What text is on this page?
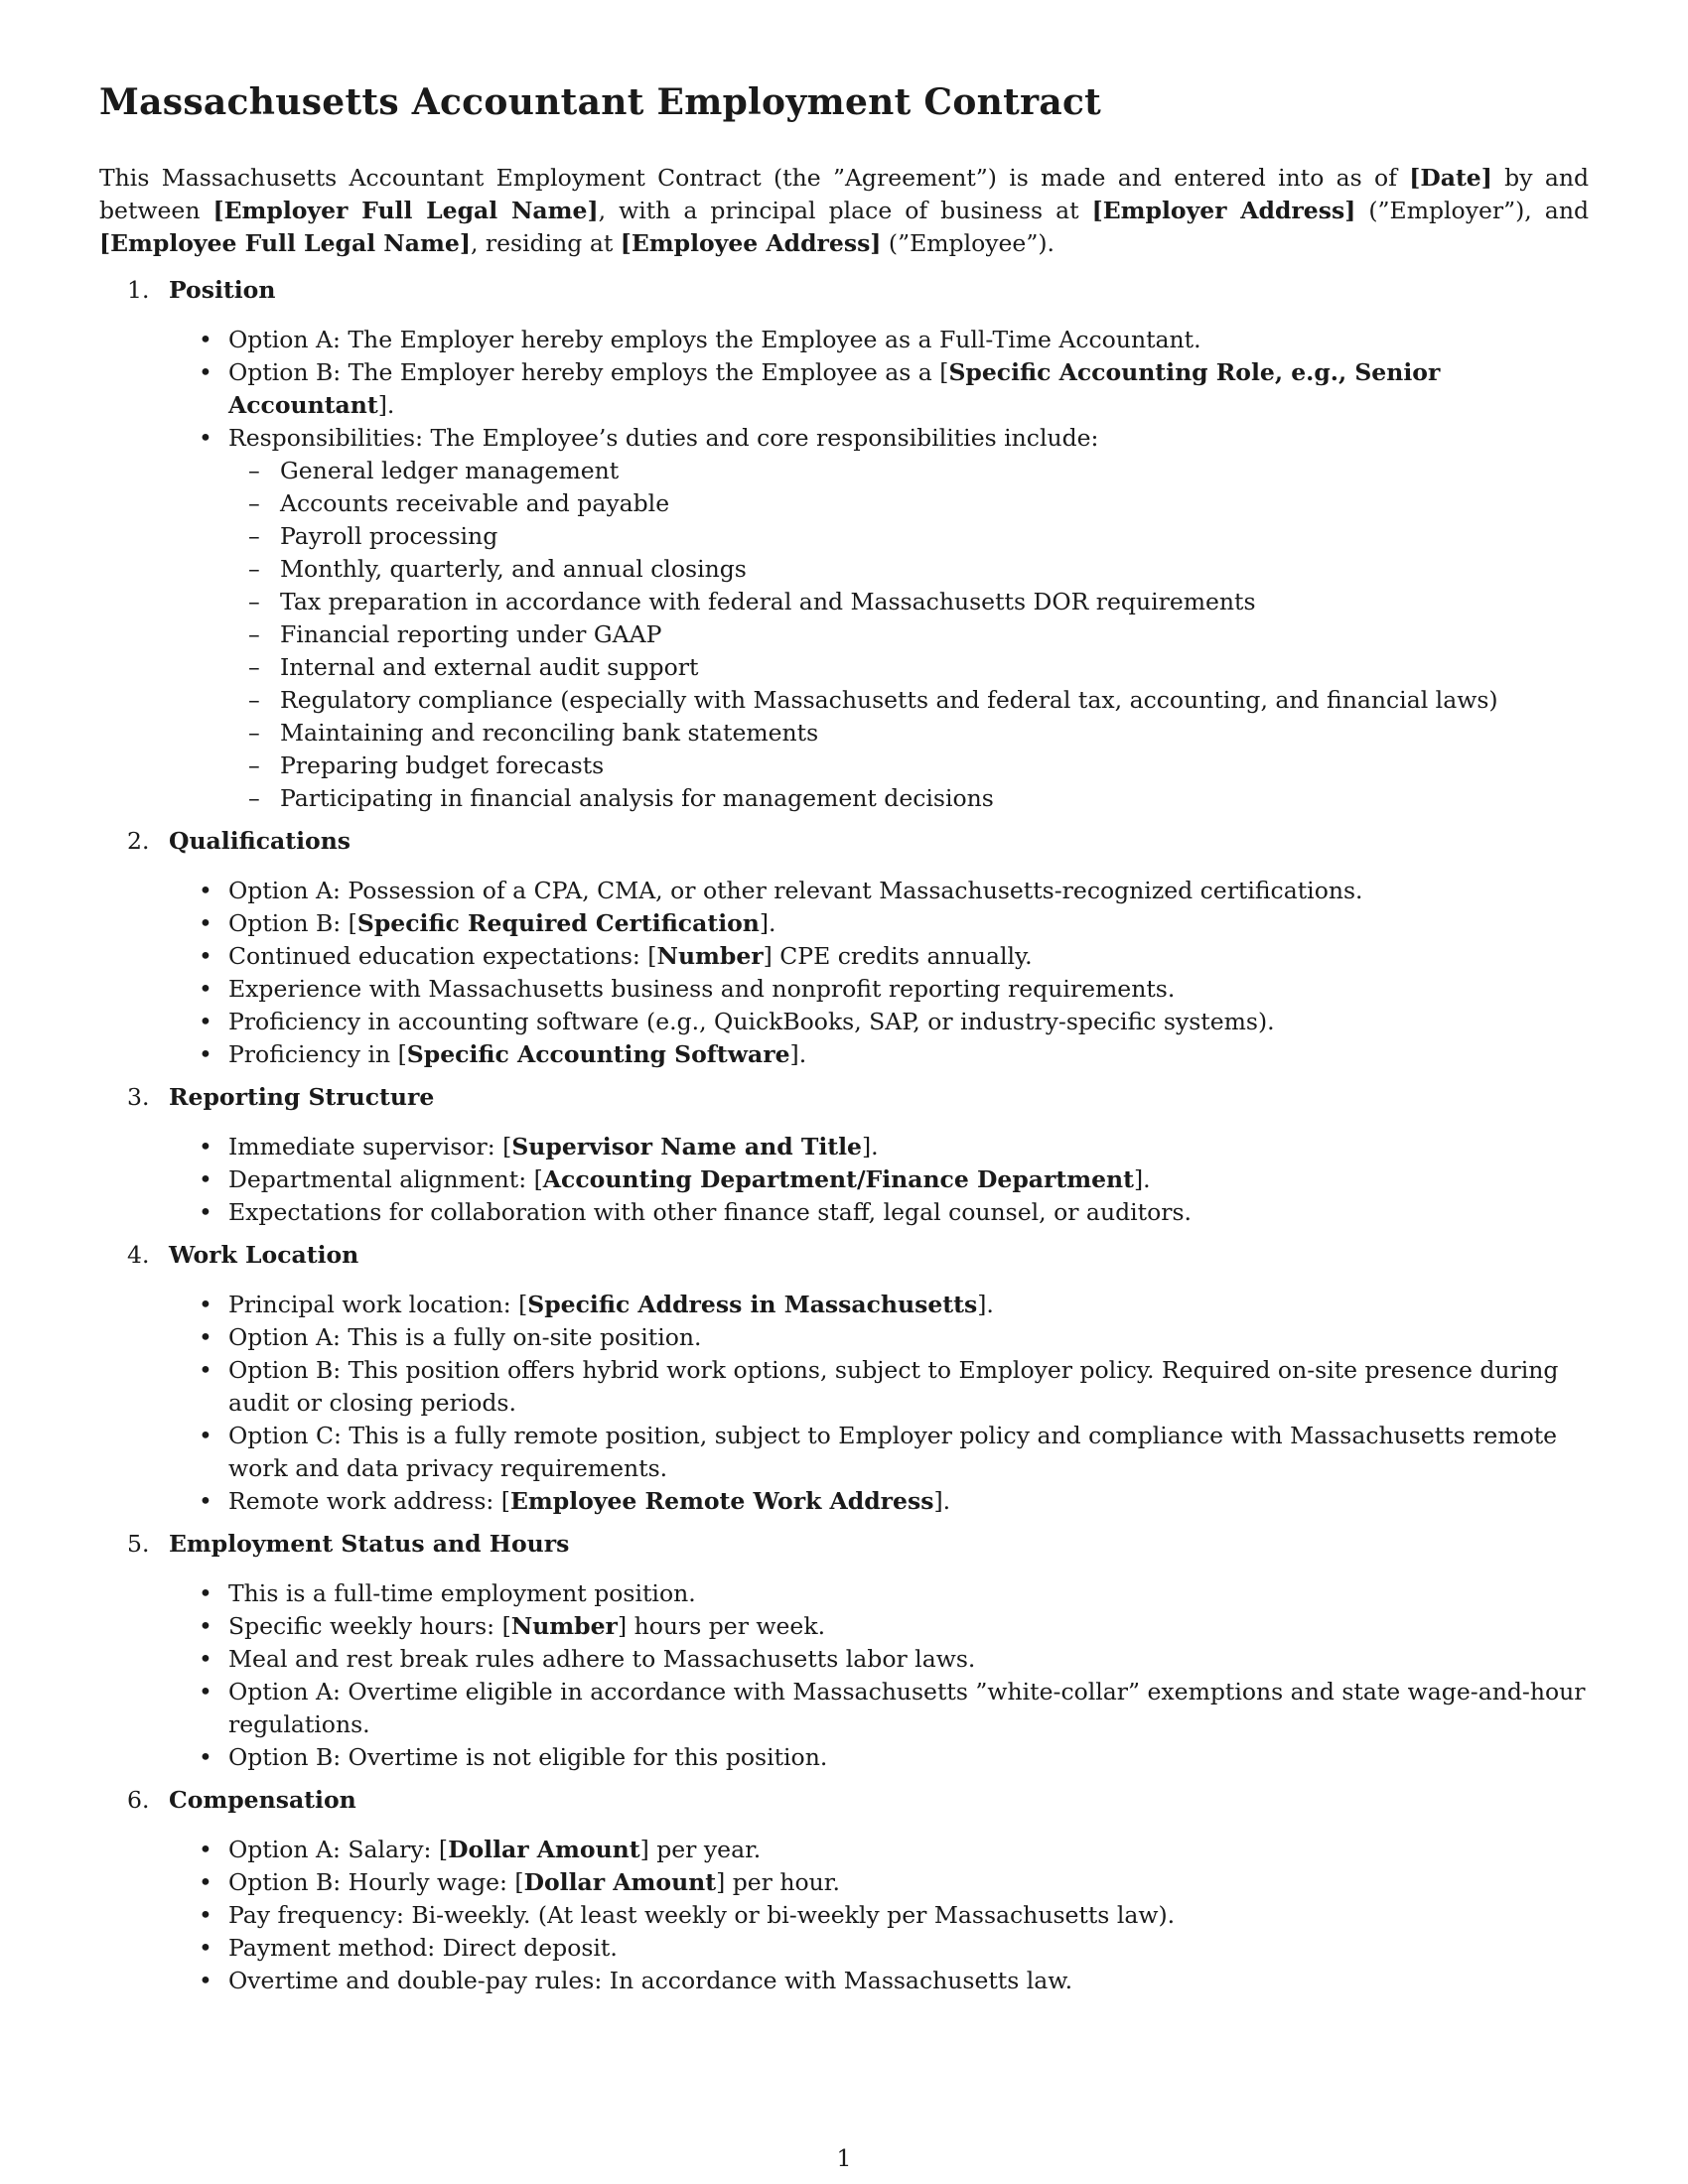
Massachusetts Accountant Employment Contract

This Massachusetts Accountant Employment Contract (the ”Agreement”) is made and entered into as of [Date] by and between [Employer Full Legal Name], with a principal place of business at [Employer Address] (”Employer”), and [Employee Full Legal Name], residing at [Employee Address] (”Employee”).

1. Position
• Option A: The Employer hereby employs the Employee as a Full-Time Accountant.
• Option B: The Employer hereby employs the Employee as a [Specific Accounting Role, e.g., Senior Accountant].
• Responsibilities: The Employee’s duties and core responsibilities include:
– General ledger management
– Accounts receivable and payable
– Payroll processing
– Monthly, quarterly, and annual closings
– Tax preparation in accordance with federal and Massachusetts DOR requirements
– Financial reporting under GAAP
– Internal and external audit support
– Regulatory compliance (especially with Massachusetts and federal tax, accounting, and financial laws)
– Maintaining and reconciling bank statements
– Preparing budget forecasts
– Participating in financial analysis for management decisions
2. Qualifications
• Option A: Possession of a CPA, CMA, or other relevant Massachusetts-recognized certifications.
• Option B: [Specific Required Certification].
• Continued education expectations: [Number] CPE credits annually.
• Experience with Massachusetts business and nonprofit reporting requirements.
• Proficiency in accounting software (e.g., QuickBooks, SAP, or industry-specific systems).
• Proficiency in [Specific Accounting Software].
3. Reporting Structure
• Immediate supervisor: [Supervisor Name and Title].
• Departmental alignment: [Accounting Department/Finance Department].
• Expectations for collaboration with other finance staff, legal counsel, or auditors.
4. Work Location
• Principal work location: [Specific Address in Massachusetts].
• Option A: This is a fully on-site position.
• Option B: This position offers hybrid work options, subject to Employer policy. Required on-site presence during audit or closing periods.
• Option C: This is a fully remote position, subject to Employer policy and compliance with Massachusetts remote work and data privacy requirements.
• Remote work address: [Employee Remote Work Address].
5. Employment Status and Hours
• This is a full-time employment position.
• Specific weekly hours: [Number] hours per week.
• Meal and rest break rules adhere to Massachusetts labor laws.
• Option A: Overtime eligible in accordance with Massachusetts ”white-collar” exemptions and state wage-and-hour regulations.
• Option B: Overtime is not eligible for this position.
6. Compensation
• Option A: Salary: [Dollar Amount] per year.
• Option B: Hourly wage: [Dollar Amount] per hour.
• Pay frequency: Bi-weekly. (At least weekly or bi-weekly per Massachusetts law).
• Payment method: Direct deposit.
• Overtime and double-pay rules: In accordance with Massachusetts law.
1
